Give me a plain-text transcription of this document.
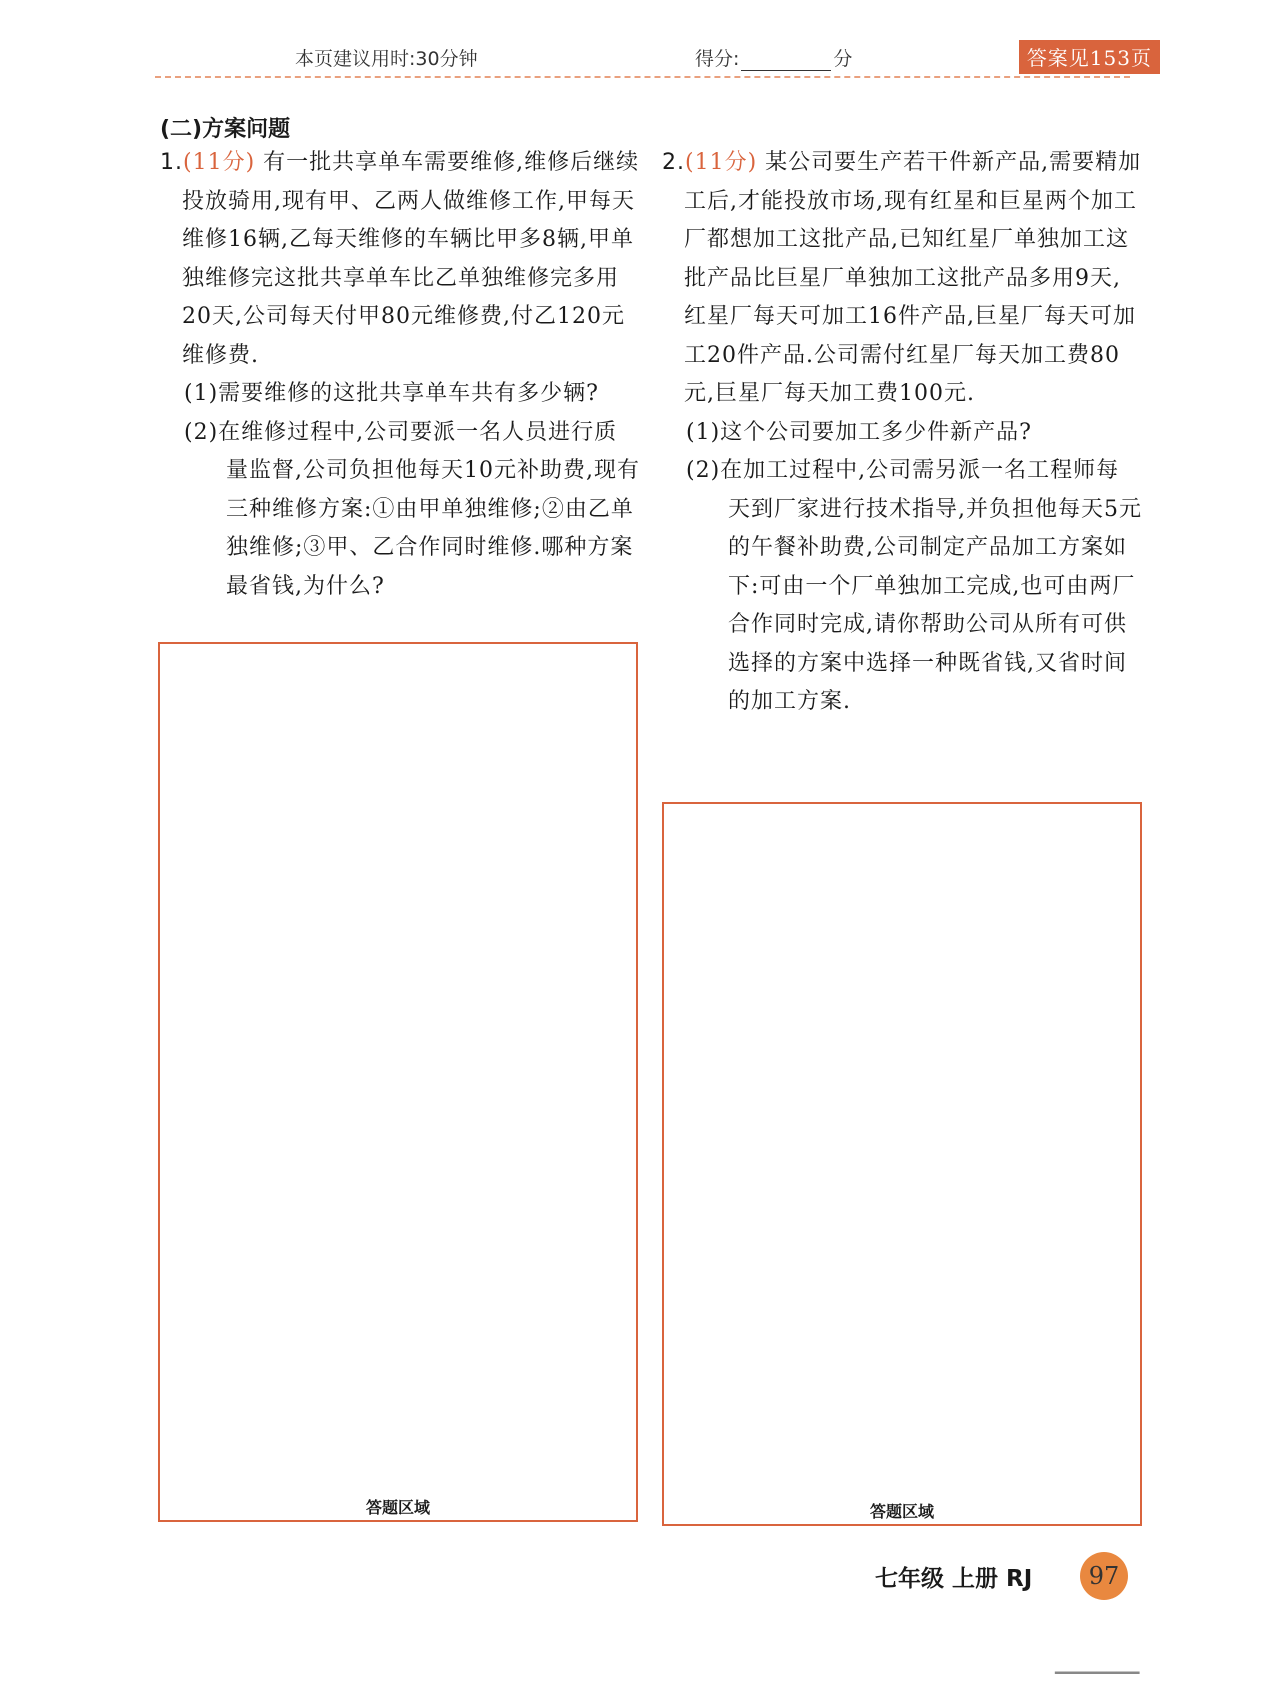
本页建议用时:30分钟	得分:	分	答案见153页
(二)方案问题
1.(11分) 有一批共享单车需要维修,维修后继续投放骑用,现有甲、乙两人做维修工作,甲每天维修16辆,乙每天维修的车辆比甲多8辆,甲单独维修完这批共享单车比乙单独维修完多用20天,公司每天付甲80元维修费,付乙120元维修费.
(1)需要维修的这批共享单车共有多少辆?
(2)在维修过程中,公司要派一名人员进行质量监督,公司负担他每天10元补助费,现有三种维修方案:①由甲单独维修;②由乙单独维修;③甲、乙合作同时维修.哪种方案最省钱,为什么?
2.(11分) 某公司要生产若干件新产品,需要精加工后,才能投放市场,现有红星和巨星两个加工厂都想加工这批产品,已知红星厂单独加工这批产品比巨星厂单独加工这批产品多用9天,红星厂每天可加工16件产品,巨星厂每天可加工20件产品.公司需付红星厂每天加工费80元,巨星厂每天加工费100元.
(1)这个公司要加工多少件新产品?
(2)在加工过程中,公司需另派一名工程师每天到厂家进行技术指导,并负担他每天5元的午餐补助费,公司制定产品加工方案如下:可由一个厂单独加工完成,也可由两厂合作同时完成,请你帮助公司从所有可供选择的方案中选择一种既省钱,又省时间的加工方案.
答题区域	答题区域
七年级 上册 RJ	97
▁▁▁▁▁▁▁▁
